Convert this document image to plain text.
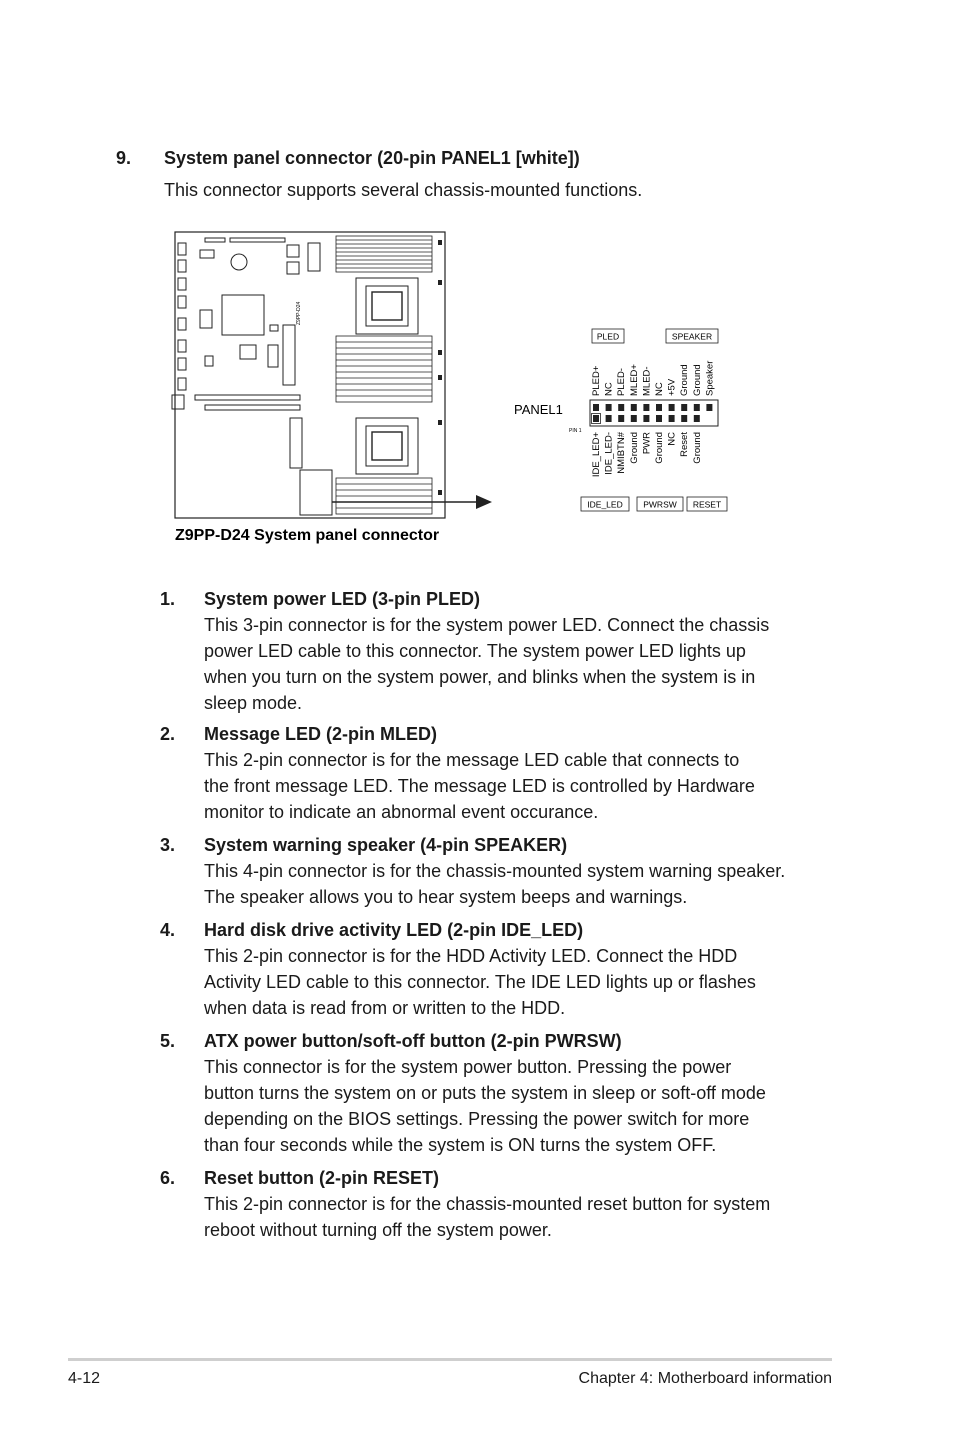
9. System panel connector (20-pin PANEL1 [white])
This connector supports several chassis-mounted functions.
Z9PP-D24
PANEL1
PIN 1
PLED+ NC PLED- MLED+ MLED- NC +5V Ground Ground Speaker
IDE_LED+ IDE_LED- NMIBTN# Ground PWR Ground NC Reset Ground
PLED	SPEAKER
IDE_LED PWRSW RESET
Z9PP-D24 System panel connector
1. System power LED (3-pin PLED)
This 3-pin connector is for the system power LED. Connect the chassis
power LED cable to this connector. The system power LED lights up
when you turn on the system power, and blinks when the system is in
sleep mode.
2. Message LED (2-pin MLED)
This 2-pin connector is for the message LED cable that connects to
the front message LED. The message LED is controlled by Hardware
monitor to indicate an abnormal event occurance.
3. System warning speaker (4-pin SPEAKER)
This 4-pin connector is for the chassis-mounted system warning speaker.
The speaker allows you to hear system beeps and warnings.
4. Hard disk drive activity LED (2-pin IDE_LED)
This 2-pin connector is for the HDD Activity LED. Connect the HDD
Activity LED cable to this connector. The IDE LED lights up or flashes
when data is read from or written to the HDD.
5. ATX power button/soft-off button (2-pin PWRSW)
This connector is for the system power button. Pressing the power
button turns the system on or puts the system in sleep or soft-off mode
depending on the BIOS settings. Pressing the power switch for more
than four seconds while the system is ON turns the system OFF.
6. Reset button (2-pin RESET)
This 2-pin connector is for the chassis-mounted reset button for system
reboot without turning off the system power.
4-12	Chapter 4: Motherboard information
